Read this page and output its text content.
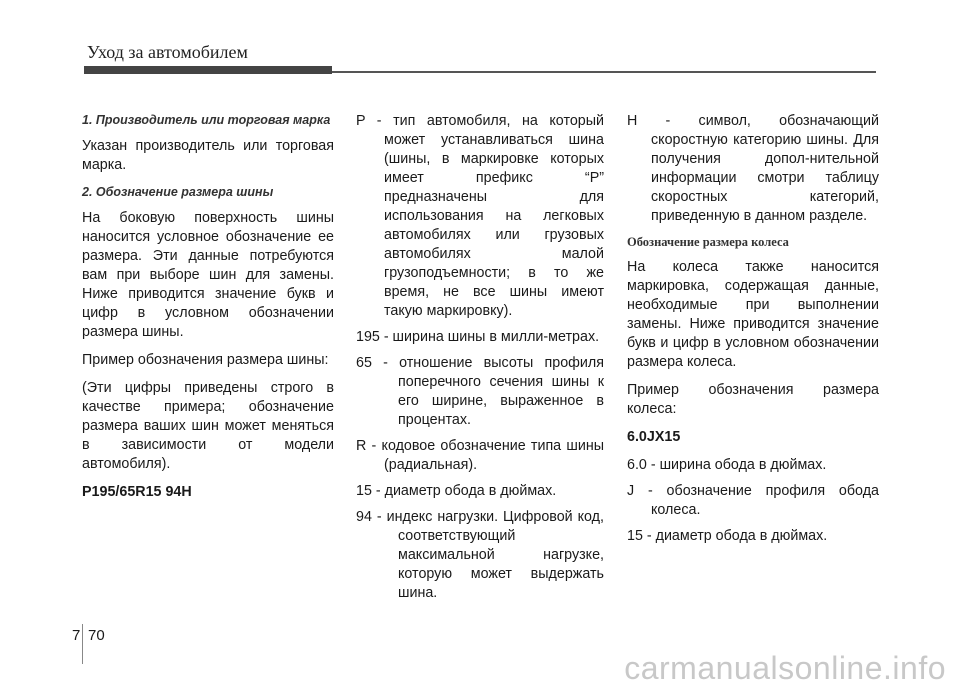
Уход за автомобилем
1. Производитель или торговая марка

Указан производитель или торговая марка.

2. Обозначение размера шины

На боковую поверхность шины наносится условное обозначение ее размера. Эти данные потребуются вам при выборе шин для замены. Ниже приводится значение букв и цифр в условном обозначении размера шины.

Пример обозначения размера шины:

(Эти цифры приведены строго в качестве примера; обозначение размера ваших шин может меняться в зависимости от модели автомобиля).

P195/65R15 94H

P - тип автомобиля, на который может устанавливаться шина (шины, в маркировке которых имеет префикс “P” предназначены для использования на легковых автомобилях или грузовых автомобилях малой грузоподъемности; в то же время, не все шины имеют такую маркировку).

195 - ширина шины в милли-метрах.

65 - отношение высоты профиля поперечного сечения шины к его ширине, выраженное в процентах.

R - кодовое обозначение типа шины (радиальная).

15 - диаметр обода в дюймах.

94 - индекс нагрузки. Цифровой код, соответствующий максимальной нагрузке, которую может выдержать шина.

H - символ, обозначающий скоростную категорию шины. Для получения допол-нительной информации смотри таблицу скоростных категорий, приведенную в данном разделе.

Обозначение размера колеса

На колеса также наносится маркировка, содержащая данные, необходимые при выполнении замены. Ниже приводится значение букв и цифр в условном обозначении размера колеса.

Пример обозначения размера колеса:

6.0JX15

6.0 - ширина обода в дюймах.

J - обозначение профиля обода колеса.

15 - диаметр обода в дюймах.

7 70
carmanualsonline.info
